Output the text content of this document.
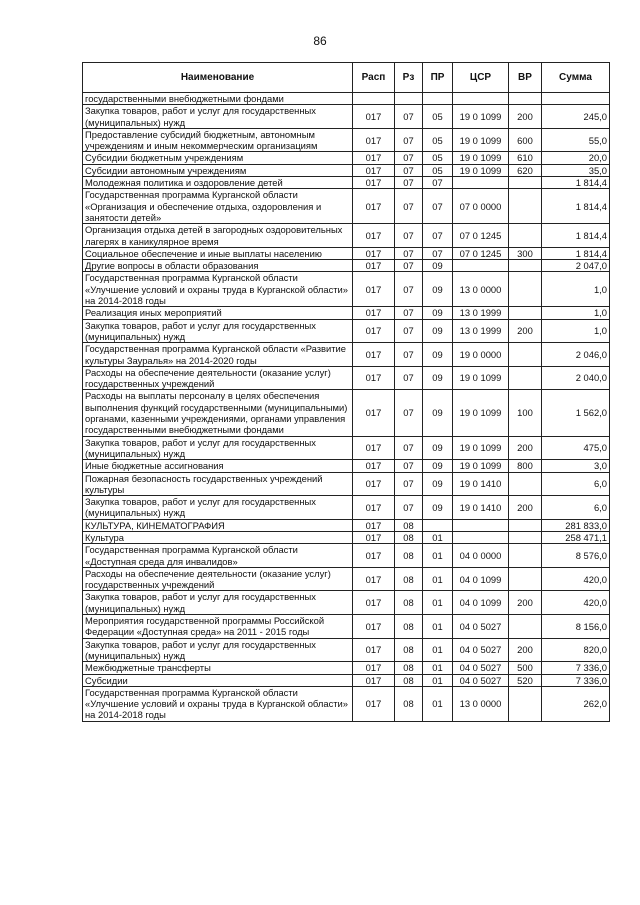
86
Наименование	Расп	Рз	ПР	ЦСР	ВР	Сумма
государственными внебюджетными фондами						
Закупка товаров, работ и услуг для государственных (муниципальных) нужд	017	07	05	19 0 1099	200	245,0
Предоставление субсидий бюджетным, автономным учреждениям и иным некоммерческим организациям	017	07	05	19 0 1099	600	55,0
Субсидии бюджетным учреждениям	017	07	05	19 0 1099	610	20,0
Субсидии автономным учреждениям	017	07	05	19 0 1099	620	35,0
Молодежная политика и оздоровление детей	017	07	07			1 814,4
Государственная программа Курганской области «Организация и обеспечение отдыха, оздоровления и занятости детей»	017	07	07	07 0 0000		1 814,4
Организация отдыха детей в загородных оздоровительных лагерях в каникулярное время	017	07	07	07 0 1245		1 814,4
Социальное обеспечение и иные выплаты населению	017	07	07	07 0 1245	300	1 814,4
Другие вопросы в области образования	017	07	09			2 047,0
Государственная программа Курганской области «Улучшение условий и охраны труда в Курганской области» на 2014-2018 годы	017	07	09	13 0 0000		1,0
Реализация иных мероприятий	017	07	09	13 0 1999		1,0
Закупка товаров, работ и услуг для государственных (муниципальных) нужд	017	07	09	13 0 1999	200	1,0
Государственная программа Курганской области «Развитие культуры Зауралья» на 2014-2020 годы	017	07	09	19 0 0000		2 046,0
Расходы на обеспечение деятельности (оказание услуг) государственных учреждений	017	07	09	19 0 1099		2 040,0
Расходы на выплаты персоналу в целях обеспечения выполнения функций государственными (муниципальными) органами, казенными учреждениями, органами управления государственными внебюджетными фондами	017	07	09	19 0 1099	100	1 562,0
Закупка товаров, работ и услуг для государственных (муниципальных) нужд	017	07	09	19 0 1099	200	475,0
Иные бюджетные ассигнования	017	07	09	19 0 1099	800	3,0
Пожарная безопасность государственных учреждений культуры	017	07	09	19 0 1410		6,0
Закупка товаров, работ и услуг для государственных (муниципальных) нужд	017	07	09	19 0 1410	200	6,0
КУЛЬТУРА, КИНЕМАТОГРАФИЯ	017	08				281 833,0
Культура	017	08	01			258 471,1
Государственная программа Курганской области «Доступная среда для инвалидов»	017	08	01	04 0 0000		8 576,0
Расходы на обеспечение деятельности (оказание услуг) государственных учреждений	017	08	01	04 0 1099		420,0
Закупка товаров, работ и услуг для государственных (муниципальных) нужд	017	08	01	04 0 1099	200	420,0
Мероприятия государственной программы Российской Федерации «Доступная среда» на 2011 - 2015 годы	017	08	01	04 0 5027		8 156,0
Закупка товаров, работ и услуг для государственных (муниципальных) нужд	017	08	01	04 0 5027	200	820,0
Межбюджетные трансферты	017	08	01	04 0 5027	500	7 336,0
Субсидии	017	08	01	04 0 5027	520	7 336,0
Государственная программа Курганской области «Улучшение условий и охраны труда в Курганской области» на 2014-2018 годы	017	08	01	13 0 0000		262,0
